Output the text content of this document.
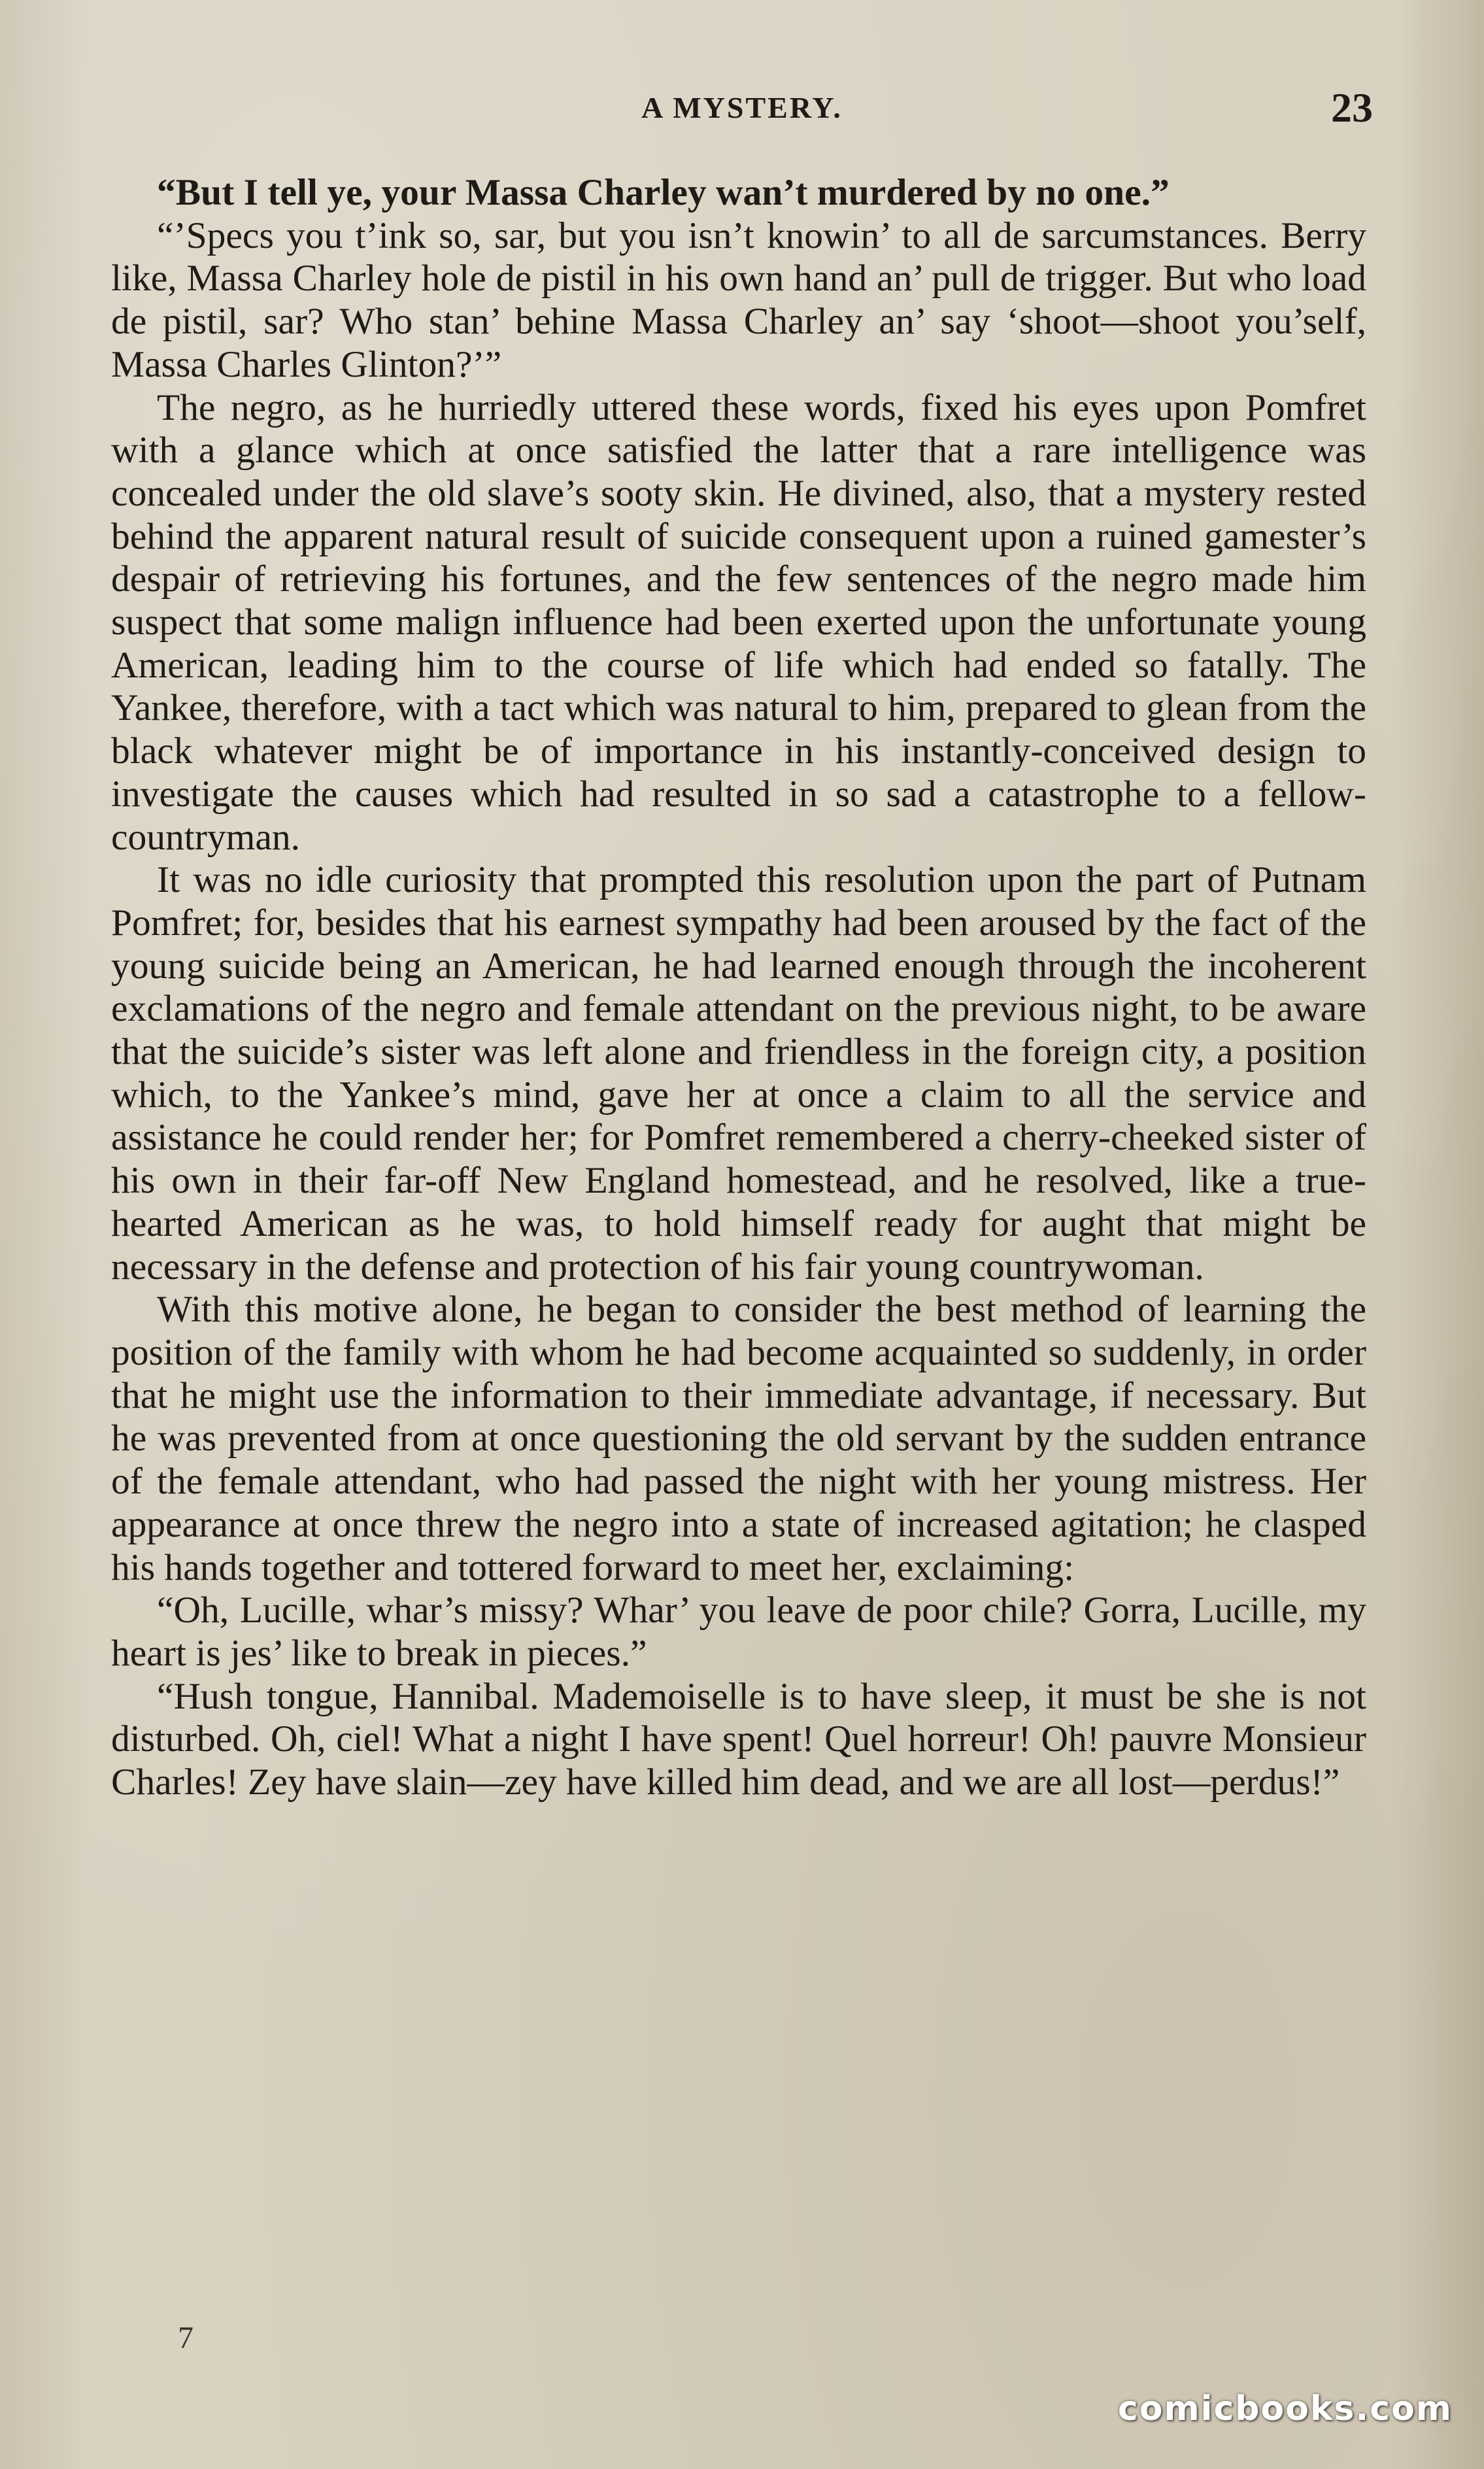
A MYSTERY.	23

“But I tell ye, your Massa Charley wan’t murdered by no one.”

“’Specs you t’ink so, sar, but you isn’t knowin’ to all de sarcumstances. Berry like, Massa Charley hole de pistil in his own hand an’ pull de trigger. But who load de pistil, sar? Who stan’ behine Massa Charley an’ say ‘shoot—shoot you’self, Massa Charles Glinton?’”

The negro, as he hurriedly uttered these words, fixed his eyes upon Pomfret with a glance which at once satisfied the latter that a rare intelligence was concealed under the old slave’s sooty skin. He divined, also, that a mystery rested behind the apparent natural result of suicide consequent upon a ruined gamester’s despair of retrieving his fortunes, and the few sentences of the negro made him suspect that some malign influence had been exerted upon the unfortunate young American, leading him to the course of life which had ended so fatally. The Yankee, therefore, with a tact which was natural to him, prepared to glean from the black whatever might be of importance in his instantly-conceived design to investigate the causes which had resulted in so sad a catastrophe to a fellow-countryman.

It was no idle curiosity that prompted this resolution upon the part of Putnam Pomfret; for, besides that his earnest sympathy had been aroused by the fact of the young suicide being an American, he had learned enough through the incoherent exclamations of the negro and female attendant on the previous night, to be aware that the suicide’s sister was left alone and friendless in the foreign city, a position which, to the Yankee’s mind, gave her at once a claim to all the service and assistance he could render her; for Pomfret remembered a cherry-cheeked sister of his own in their far-off New England homestead, and he resolved, like a true-hearted American as he was, to hold himself ready for aught that might be necessary in the defense and protection of his fair young countrywoman.

With this motive alone, he began to consider the best method of learning the position of the family with whom he had become acquainted so suddenly, in order that he might use the information to their immediate advantage, if necessary. But he was prevented from at once questioning the old servant by the sudden entrance of the female attendant, who had passed the night with her young mistress. Her appearance at once threw the negro into a state of increased agitation; he clasped his hands together and tottered forward to meet her, exclaiming:

“Oh, Lucille, whar’s missy? Whar’ you leave de poor chile? Gorra, Lucille, my heart is jes’ like to break in pieces.”

“Hush tongue, Hannibal. Mademoiselle is to have sleep, it must be she is not disturbed. Oh, ciel! What a night I have spent! Quel horreur! Oh! pauvre Monsieur Charles! Zey have slain—zey have killed him dead, and we are all lost—perdus!”

7
comicbooks.com
